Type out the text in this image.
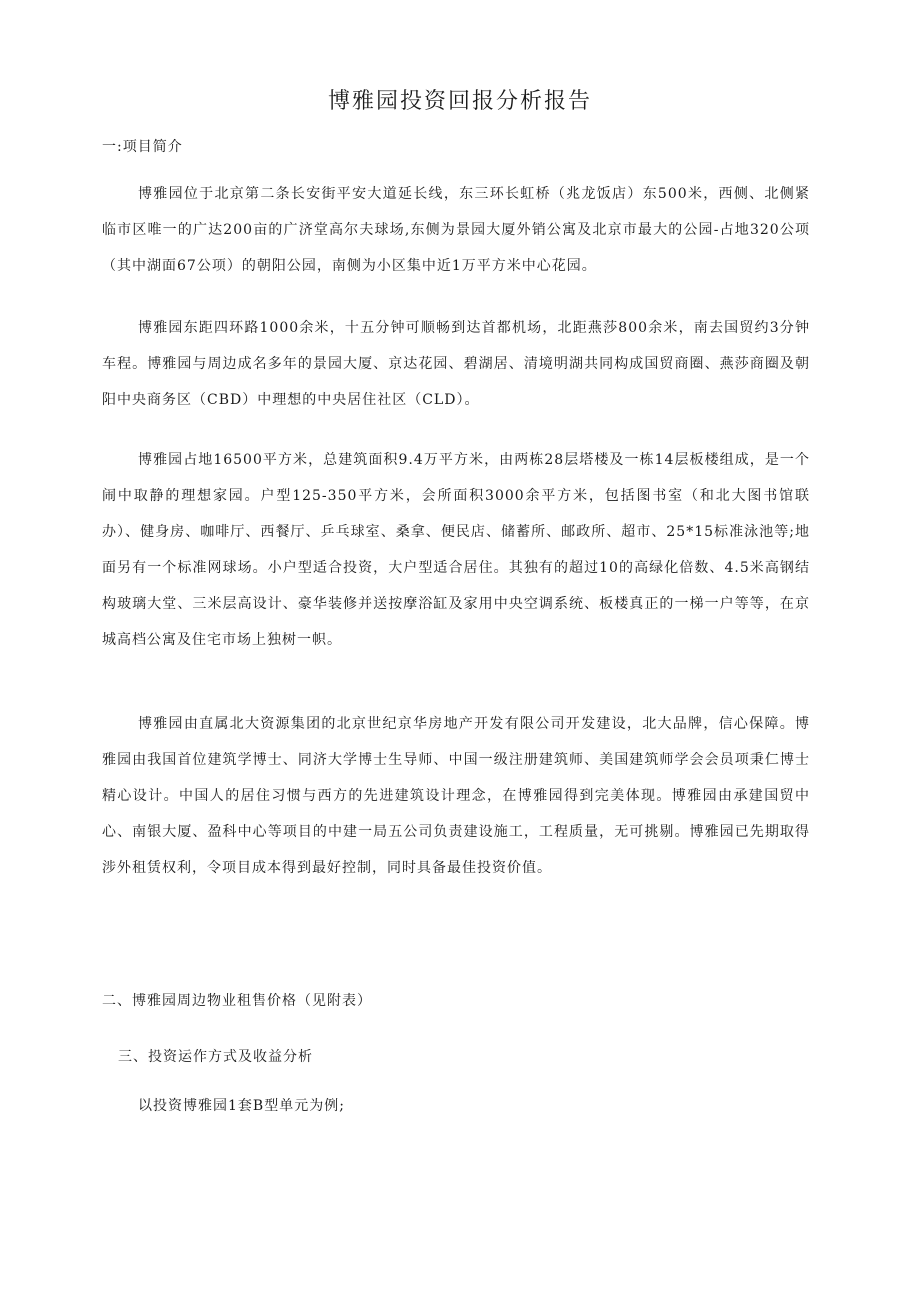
博雅园投资回报分析报告
一:项目简介

博雅园位于北京第二条长安街平安大道延长线，东三环长虹桥（兆龙饭店）东500米，西侧、北侧紧临市区唯一的广达200亩的广济堂高尔夫球场,东侧为景园大厦外销公寓及北京市最大的公园-占地320公项（其中湖面67公项）的朝阳公园，南侧为小区集中近1万平方米中心花园。

博雅园东距四环路1000余米，十五分钟可顺畅到达首都机场，北距燕莎800余米，南去国贸约3分钟车程。博雅园与周边成名多年的景园大厦、京达花园、碧湖居、清境明湖共同构成国贸商圈、燕莎商圈及朝阳中央商务区（CBD）中理想的中央居住社区（CLD）。

博雅园占地16500平方米，总建筑面积9.4万平方米，由两栋28层塔楼及一栋14层板楼组成，是一个闹中取静的理想家园。户型125-350平方米，会所面积3000余平方米，包括图书室（和北大图书馆联办）、健身房、咖啡厅、西餐厅、乒乓球室、桑拿、便民店、储蓄所、邮政所、超市、25*15标准泳池等;地面另有一个标准网球场。小户型适合投资，大户型适合居住。其独有的超过10的高绿化倍数、4.5米高钢结构玻璃大堂、三米层高设计、豪华装修并送按摩浴缸及家用中央空调系统、板楼真正的一梯一户等等，在京城高档公寓及住宅市场上独树一帜。

博雅园由直属北大资源集团的北京世纪京华房地产开发有限公司开发建设，北大品牌，信心保障。博雅园由我国首位建筑学博士、同济大学博士生导师、中国一级注册建筑师、美国建筑师学会会员项秉仁博士精心设计。中国人的居住习惯与西方的先进建筑设计理念，在博雅园得到完美体现。博雅园由承建国贸中心、南银大厦、盈科中心等项目的中建一局五公司负责建设施工，工程质量，无可挑剔。博雅园已先期取得涉外租赁权利，令项目成本得到最好控制，同时具备最佳投资价值。

二、博雅园周边物业租售价格（见附表）
三、投资运作方式及收益分析

以投资博雅园1套B型单元为例;
